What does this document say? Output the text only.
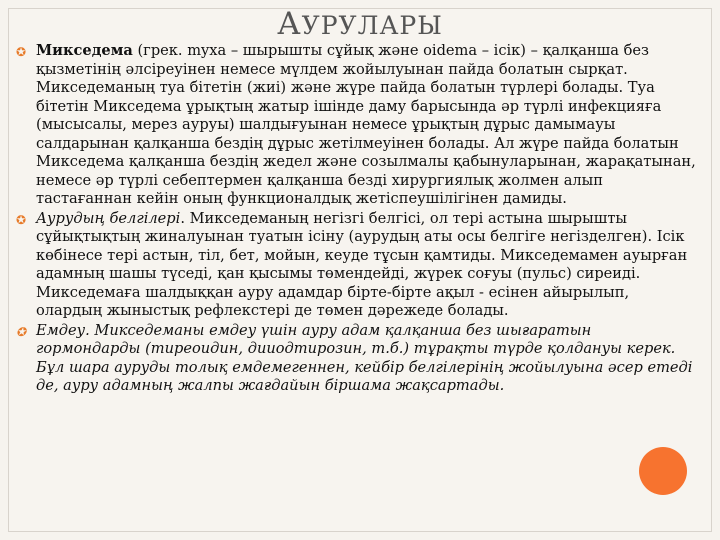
АУРУЛАРЫ
✪ Микседема (грек. myxa – шырышты сұйық және oidema – ісік) – қалқанша без қызметінің әлсіреуінен немесе мүлдем жойылуынан пайда болатын сырқат. Микседеманың туа бітетін (жиі) және жүре пайда болатын түрлері болады. Туа бітетін Микседема ұрықтың жатыр ішінде даму барысында әр түрлі инфекцияға (мысысалы, мерез ауруы) шалдығуынан немесе ұрықтың дұрыс дамымауы салдарынан қалқанша бездің дұрыс жетілмеуінен болады. Ал жүре пайда болатын Микседема қалқанша бездің жедел және созылмалы қабынуларынан, жарақатынан, немесе әр түрлі себептермен қалқанша безді хирургиялық жолмен алып тастағаннан кейін оның функционалдық жетіспеушілігінен дамиды.
✪ Аурудың белгілері. Микседеманың негізгі белгісі, ол тері астына шырышты сұйықтықтың жиналуынан туатын ісіну (аурудың аты осы белгіге негізделген). Ісік көбінесе тері астын, тіл, бет, мойын, кеуде тұсын қамтиды. Микседемамен ауырған адамның шашы түседі, қан қысымы төмендейді, жүрек соғуы (пульс) сиреиді. Микседемаға шалдыққан ауру адамдар бірте-бірте ақыл - есінен айырылып, олардың жыныстық рефлекстері де төмен дәрежеде болады.
✪ Емдеу. Микседеманы емдеу үшін ауру адам қалқанша без шығаратын гормондарды (тиреоидин, дииодтирозин, т.б.) тұрақты түрде қолдануы керек. Бұл шара ауруды толық емдемегеннен, кейбір белгілерінің жойылуына әсер етеді де, ауру адамның жалпы жағдайын біршама жақсартады.
